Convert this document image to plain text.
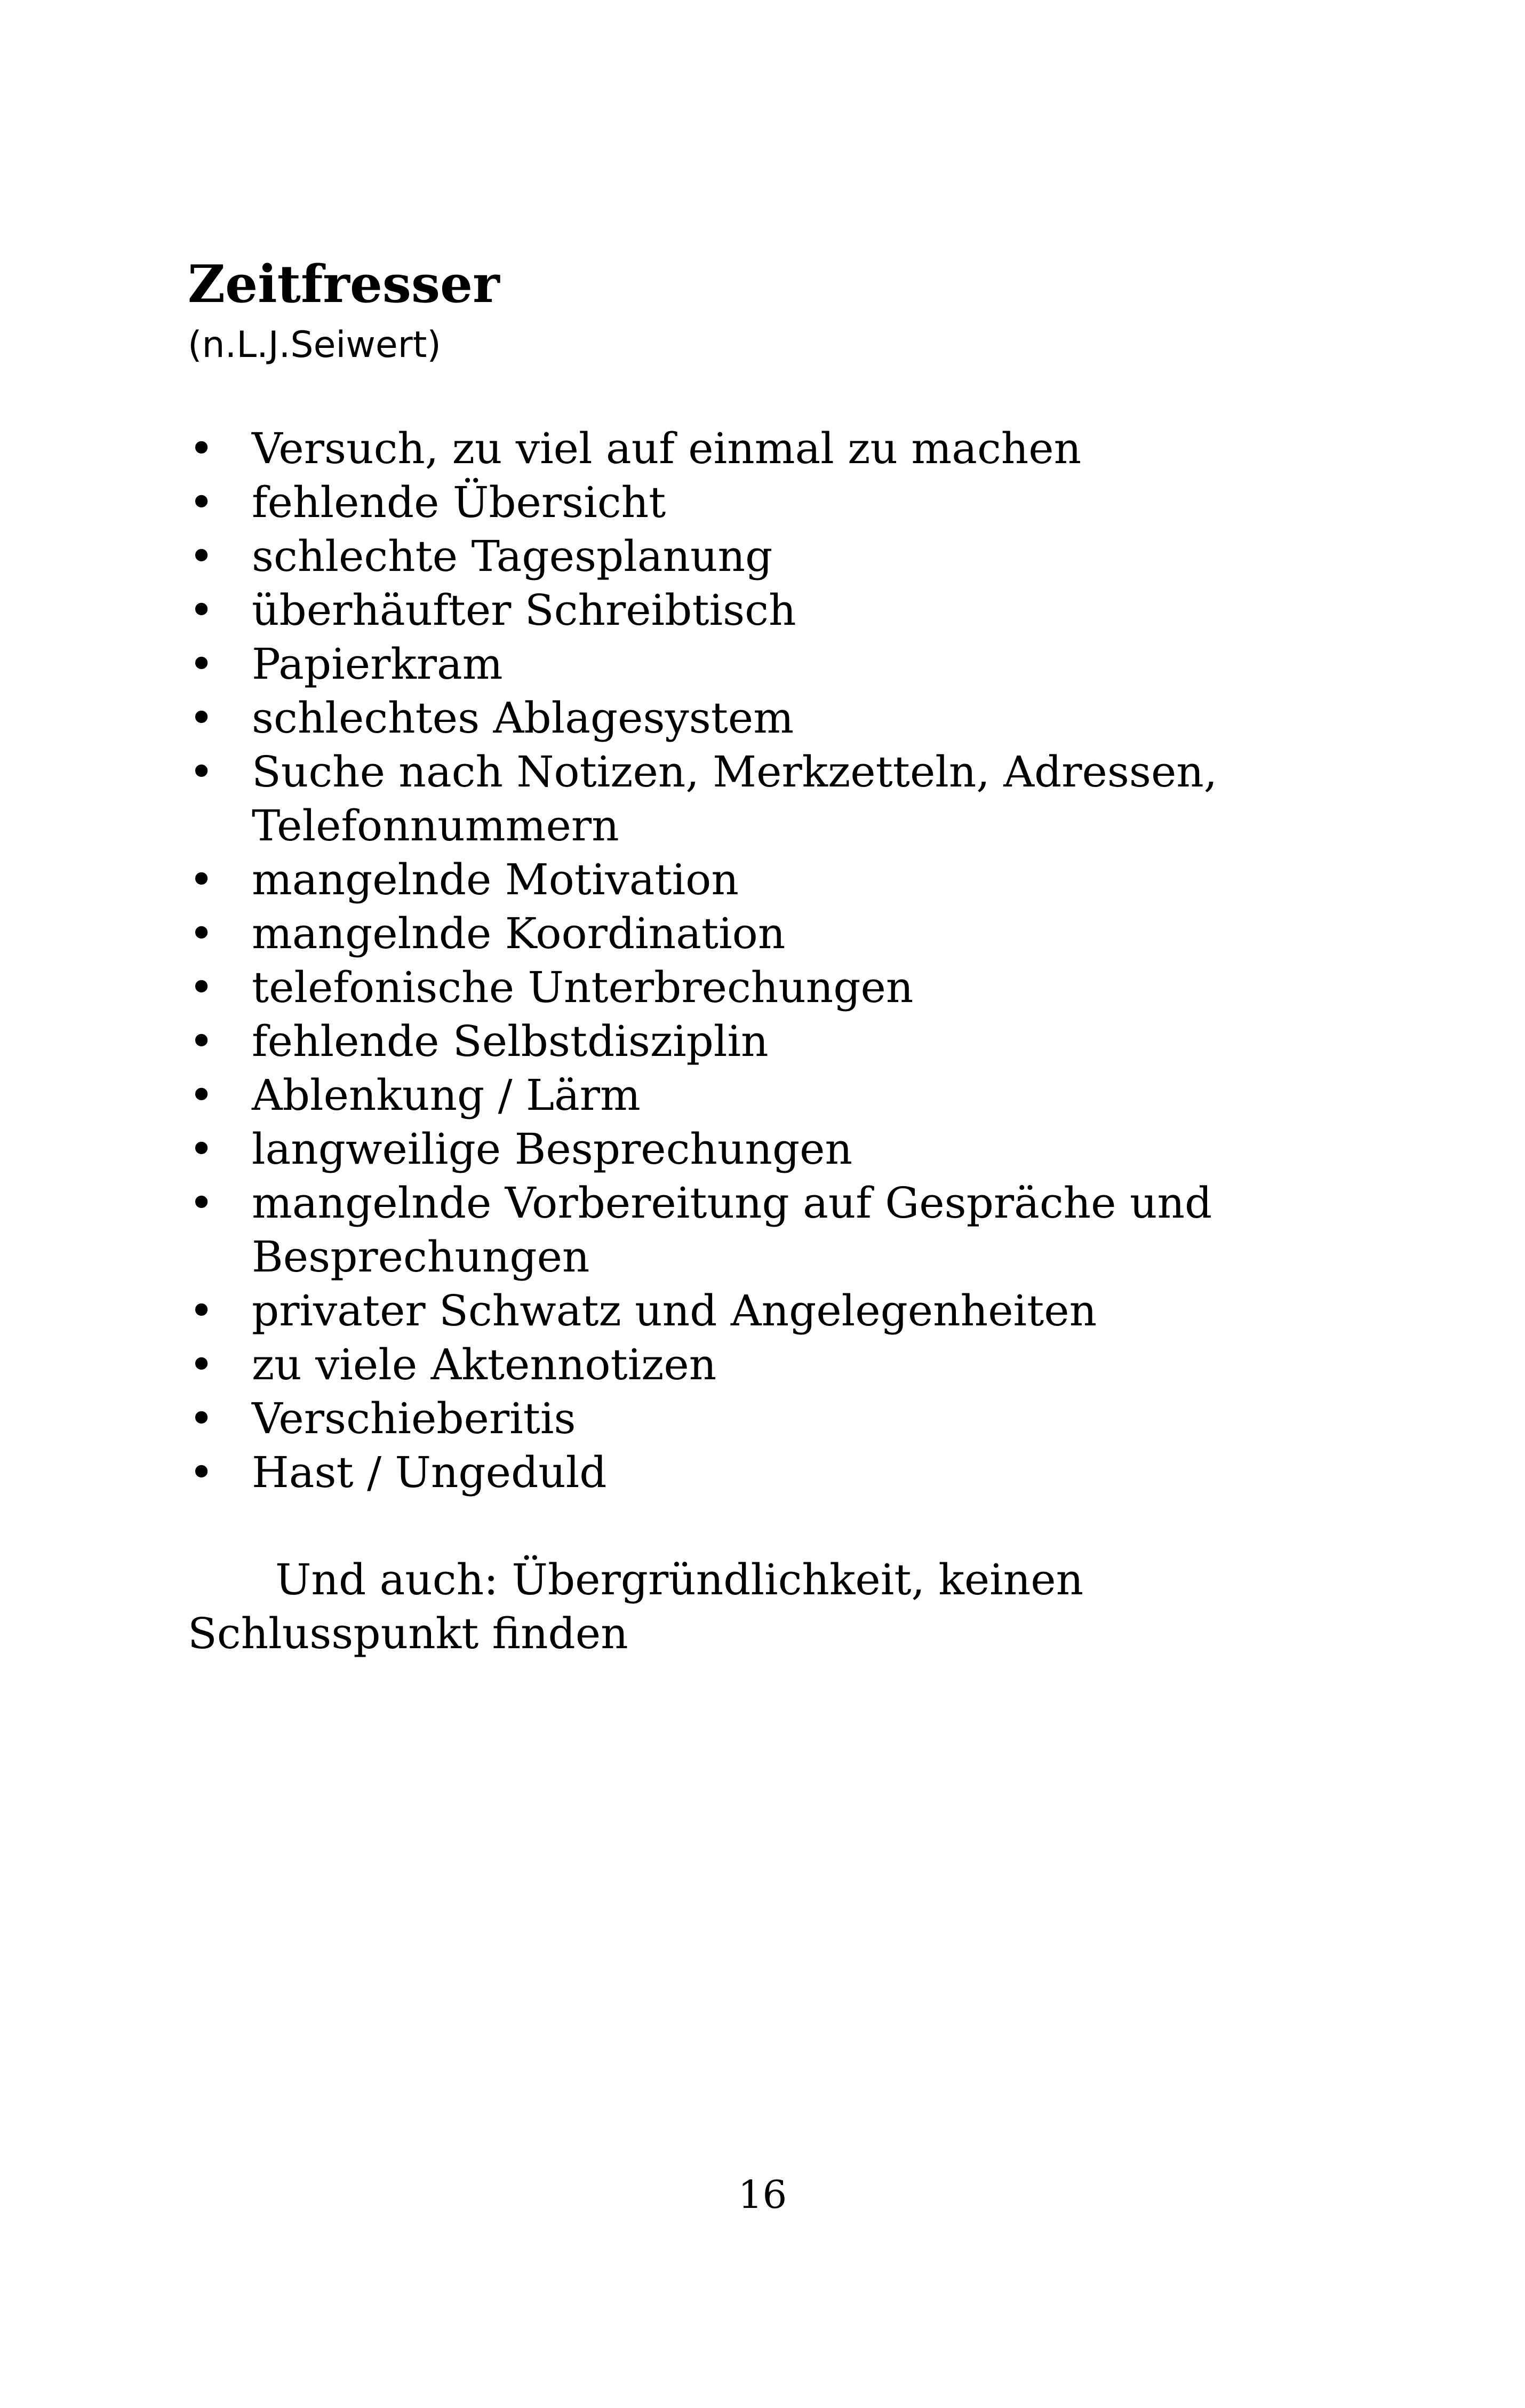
Zeitfresser

(n.L.J.Seiwert)

• Versuch, zu viel auf einmal zu machen
• fehlende Übersicht
• schlechte Tagesplanung
• überhäufter Schreibtisch
• Papierkram
• schlechtes Ablagesystem
• Suche nach Notizen, Merkzetteln, Adressen, Telefonnummern
• mangelnde Motivation
• mangelnde Koordination
• telefonische Unterbrechungen
• fehlende Selbstdisziplin
• Ablenkung / Lärm
• langweilige Besprechungen
• mangelnde Vorbereitung auf Gespräche und Besprechungen
• privater Schwatz und Angelegenheiten
• zu viele Aktennotizen
• Verschieberitis
• Hast / Ungeduld

Und auch: Übergründlichkeit, keinen Schlusspunkt finden

16
